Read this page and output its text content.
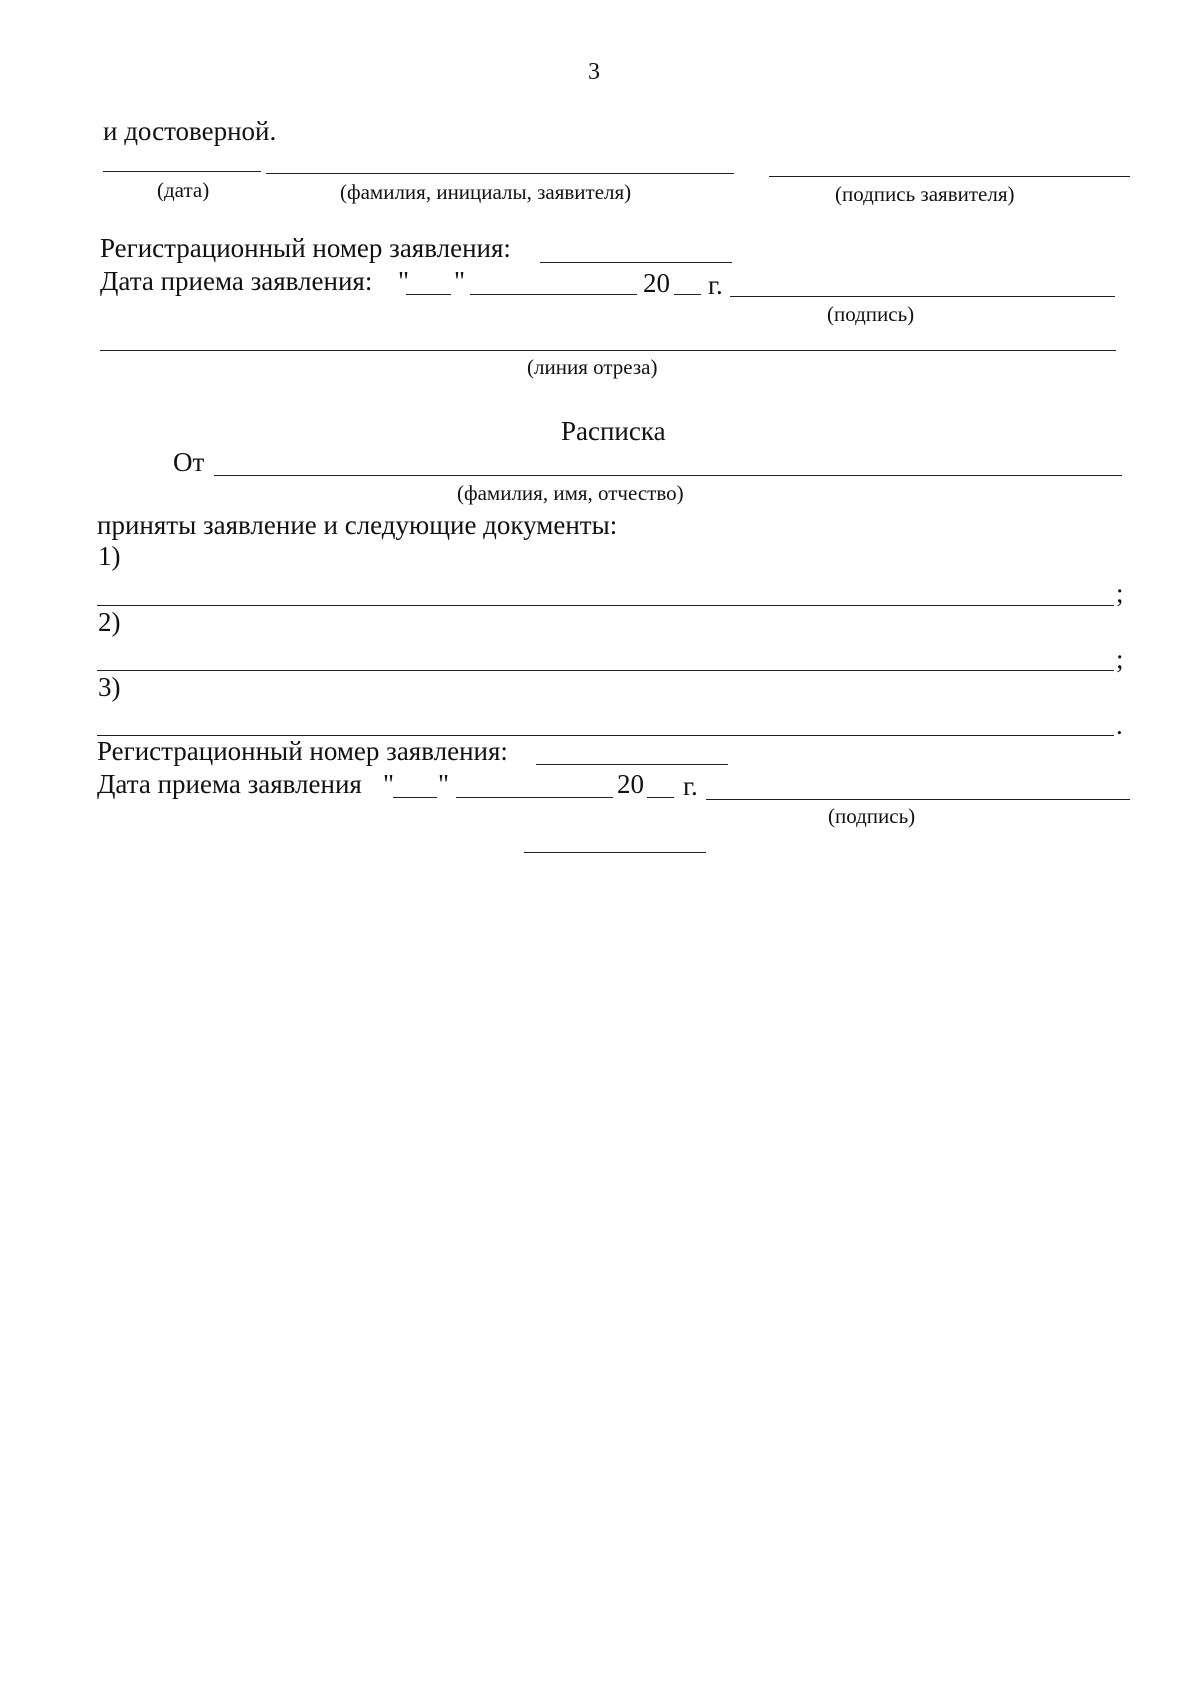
3
и достоверной.
(дата)	(фамилия, инициалы, заявителя)	(подпись заявителя)
Регистрационный номер заявления:
Дата приема заявления: " "	20 г.
(подпись)
(линия отреза)
Расписка
От
(фамилия, имя, отчество)
приняты заявление и следующие документы:
1)
;
2)
;
3)
.
Регистрационный номер заявления:
Дата приема заявления " "	20 г.
(подпись)
